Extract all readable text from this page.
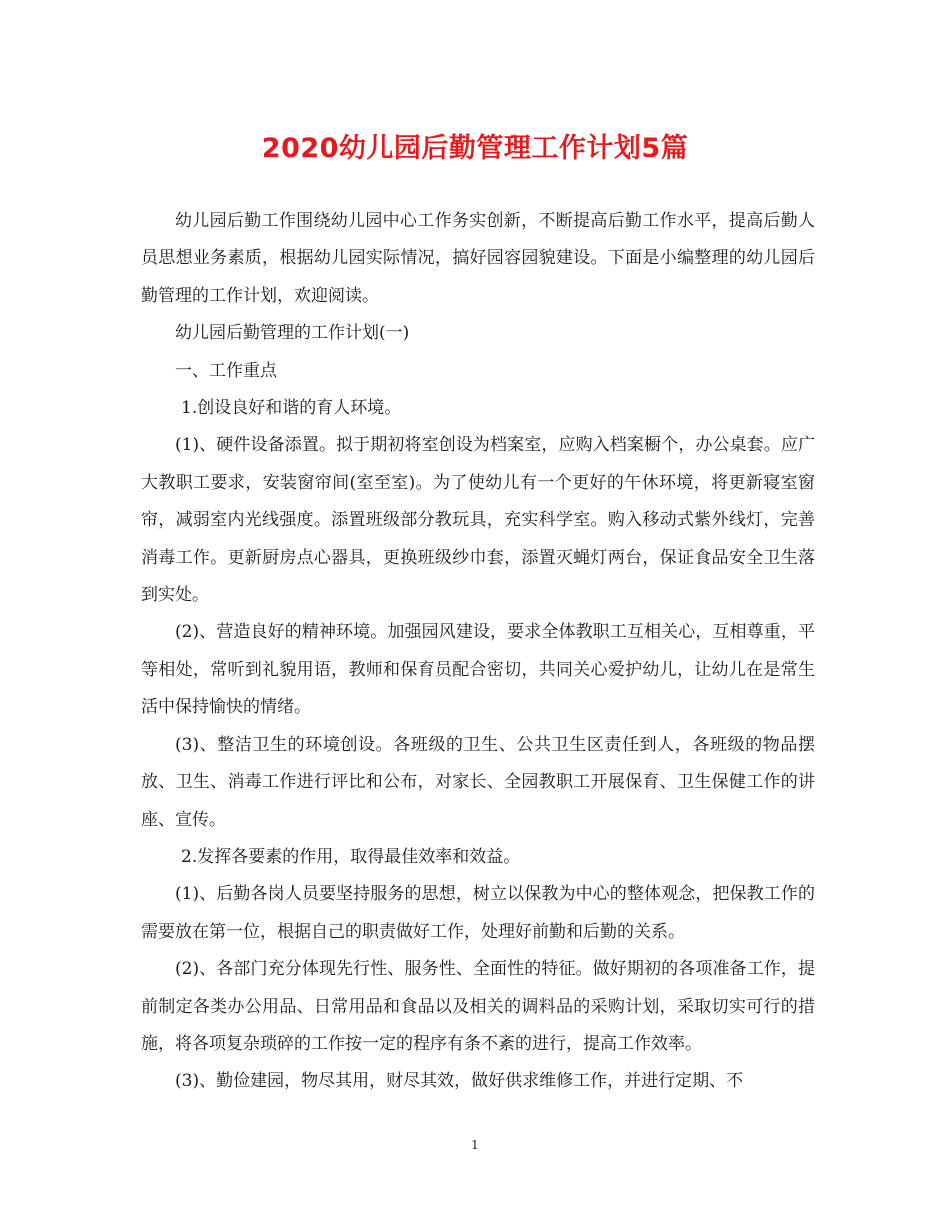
2020幼儿园后勤管理工作计划5篇

幼儿园后勤工作围绕幼儿园中心工作务实创新，不断提高后勤工作水平，提高后勤人员思想业务素质，根据幼儿园实际情况，搞好园容园貌建设。下面是小编整理的幼儿园后勤管理的工作计划，欢迎阅读。

幼儿园后勤管理的工作计划(一)

一、工作重点

1.创设良好和谐的育人环境。

(1)、硬件设备添置。拟于期初将室创设为档案室，应购入档案橱个，办公桌套。应广大教职工要求，安装窗帘间(室至室)。为了使幼儿有一个更好的午休环境，将更新寝室窗帘，减弱室内光线强度。添置班级部分教玩具，充实科学室。购入移动式紫外线灯，完善消毒工作。更新厨房点心器具，更换班级纱巾套，添置灭蝇灯两台，保证食品安全卫生落到实处。

(2)、营造良好的精神环境。加强园风建设，要求全体教职工互相关心，互相尊重，平等相处，常听到礼貌用语，教师和保育员配合密切，共同关心爱护幼儿，让幼儿在是常生活中保持愉快的情绪。

(3)、整洁卫生的环境创设。各班级的卫生、公共卫生区责任到人，各班级的物品摆放、卫生、消毒工作进行评比和公布，对家长、全园教职工开展保育、卫生保健工作的讲座、宣传。

2.发挥各要素的作用，取得最佳效率和效益。

(1)、后勤各岗人员要坚持服务的思想，树立以保教为中心的整体观念，把保教工作的需要放在第一位，根据自己的职责做好工作，处理好前勤和后勤的关系。

(2)、各部门充分体现先行性、服务性、全面性的特征。做好期初的各项准备工作，提前制定各类办公用品、日常用品和食品以及相关的调料品的采购计划，采取切实可行的措施，将各项复杂琐碎的工作按一定的程序有条不紊的进行，提高工作效率。

(3)、勤俭建园，物尽其用，财尽其效，做好供求维修工作，并进行定期、不

1
